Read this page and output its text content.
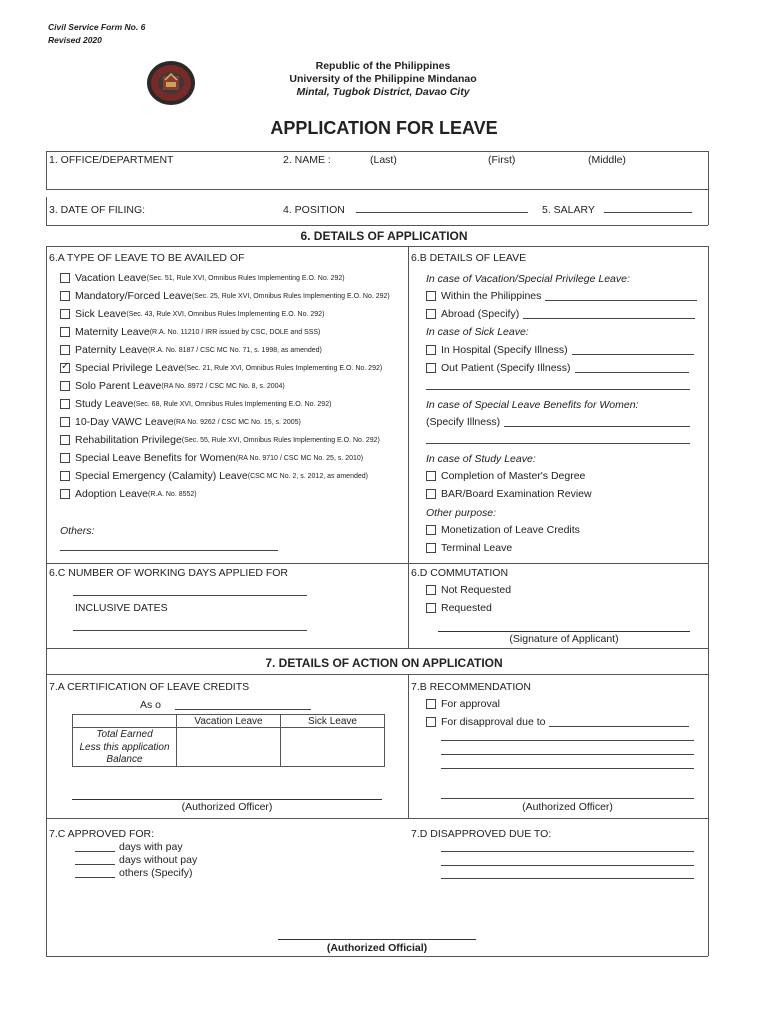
Civil Service Form No. 6
Revised 2020
Republic of the Philippines
University of the Philippine Mindanao
Mintal, Tugbok District, Davao City
APPLICATION FOR LEAVE
1. OFFICE/DEPARTMENT	2. NAME :	(Last)	(First)	(Middle)
3. DATE OF FILING:	4. POSITION	5. SALARY
6. DETAILS OF APPLICATION
6.A TYPE OF LEAVE TO BE AVAILED OF
Vacation Leave (Sec. 51, Rule XVI, Omnibus Rules Implementing E.O. No. 292)
Mandatory/Forced Leave (Sec. 25, Rule XVI, Omnibus Rules Implementing E.O. No. 292)
Sick Leave (Sec. 43, Rule XVI, Omnibus Rules Implementing E.O. No. 292)
Maternity Leave (R.A. No. 11210 / IRR issued by CSC, DOLE and SSS)
Paternity Leave (R.A. No. 8187 / CSC MC No. 71, s. 1998, as amended)
✓
Special Privilege Leave (Sec. 21, Rule XVI, Omnibus Rules Implementing E.O. No. 292)
Solo Parent Leave (RA No. 8972 / CSC MC No. 8, s. 2004)
Study Leave (Sec. 68, Rule XVI, Omnibus Rules Implementing E.O. No. 292)
10-Day VAWC Leave (RA No. 9262 / CSC MC No. 15, s. 2005)
Rehabilitation Privilege (Sec. 55, Rule XVI, Omnibus Rules Implementing E.O. No. 292)
Special Leave Benefits for Women (RA No. 9710 / CSC MC No. 25, s. 2010)
Special Emergency (Calamity) Leave (CSC MC No. 2, s. 2012, as amended)
Adoption Leave (R.A. No. 8552)
Others:
6.B DETAILS OF LEAVE
In case of Vacation/Special Privilege Leave:
Within the Philippines
Abroad (Specify)
In case of Sick Leave:
In Hospital (Specify Illness)
Out Patient (Specify Illness)
In case of Special Leave Benefits for Women:
(Specify Illness)
In case of Study Leave:
Completion of Master's Degree
BAR/Board Examination Review
Other purpose:
Monetization of Leave Credits
Terminal Leave
6.C NUMBER OF WORKING DAYS APPLIED FOR
INCLUSIVE DATES
6.D COMMUTATION
Not Requested
Requested
(Signature of Applicant)
7. DETAILS OF ACTION ON APPLICATION
7.A CERTIFICATION OF LEAVE CREDITS
As o
	Vacation Leave	Sick Leave
Total Earned		
Less this application		
Balance		
(Authorized Officer)
7.B RECOMMENDATION
For approval
For disapproval due to
(Authorized Officer)
7.C APPROVED FOR:
days with pay
days without pay
others (Specify)
7.D DISAPPROVED DUE TO:
(Authorized Official)
